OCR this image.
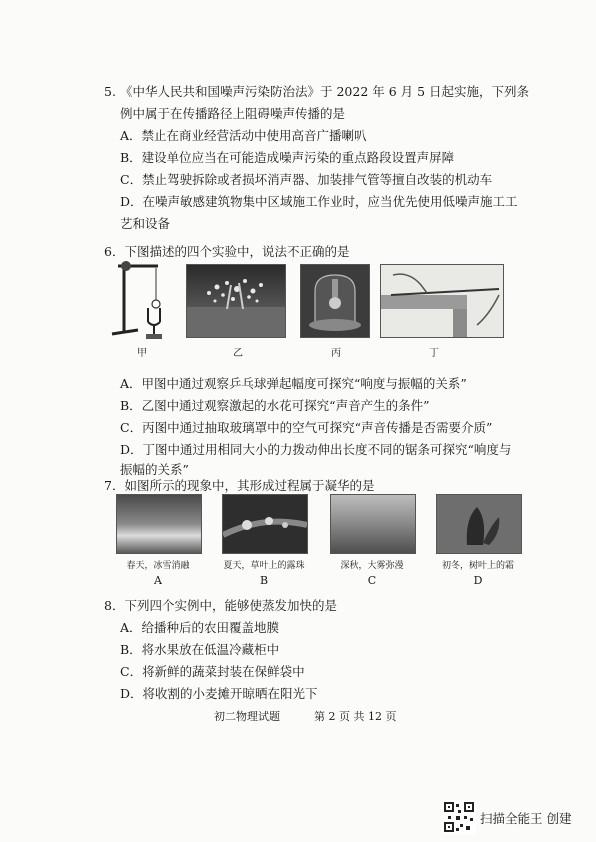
5. 《中华人民共和国噪声污染防治法》于 2022 年 6 月 5 日起实施，下列条
例中属于在传播路径上阻碍噪声传播的是
A．禁止在商业经营活动中使用高音广播喇叭
B．建设单位应当在可能造成噪声污染的重点路段设置声屏障
C．禁止驾驶拆除或者损坏消声器、加装排气管等擅自改装的机动车
D．在噪声敏感建筑物集中区域施工作业时，应当优先使用低噪声施工工
艺和设备
6．下图描述的四个实验中，说法不正确的是
甲	乙	丙	丁
A．甲图中通过观察乒乓球弹起幅度可探究“响度与振幅的关系”
B．乙图中通过观察激起的水花可探究“声音产生的条件”
C．丙图中通过抽取玻璃罩中的空气可探究“声音传播是否需要介质”
D．丁图中通过用相同大小的力拨动伸出长度不同的锯条可探究“响度与
振幅的关系”
7．如图所示的现象中，其形成过程属于凝华的是
春天，冰雪消融
A
夏天，草叶上的露珠
B
深秋，大雾弥漫
C
初冬，树叶上的霜
D
8．下列四个实例中，能够使蒸发加快的是
A．给播种后的农田覆盖地膜
B．将水果放在低温冷藏柜中
C．将新鲜的蔬菜封装在保鲜袋中
D．将收割的小麦摊开晾晒在阳光下
初二物理试题	第 2 页 共 12 页
扫描全能王 创建
